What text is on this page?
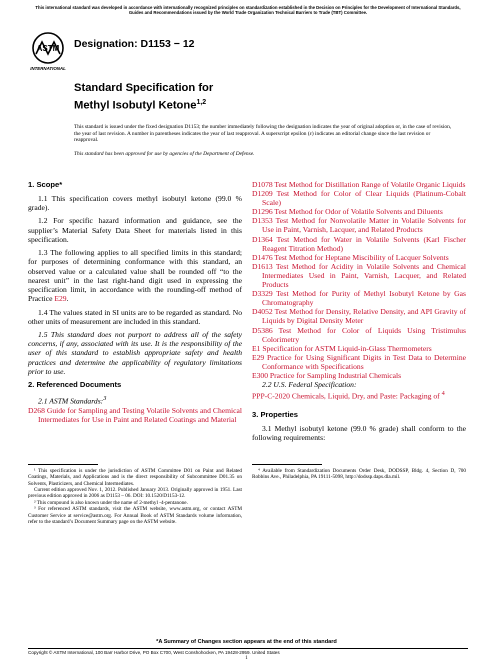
This international standard was developed in accordance with internationally recognized principles on standardization established in the Decision on Principles for the Development of International Standards, Guides and Recommendations issued by the World Trade Organization Technical Barriers to Trade (TBT) Committee.
ASTM
INTERNATIONAL
Designation: D1153 − 12
Standard Specification for
Methyl Isobutyl Ketone$^{1,2}$
This standard is issued under the fixed designation D1153; the number immediately following the designation indicates the year of original adoption or, in the case of revision, the year of last revision. A number in parentheses indicates the year of last reapproval. A superscript epsilon (ε) indicates an editorial change since the last revision or reapproval.
This standard has been approved for use by agencies of the Department of Defense.

1. Scope*

1.1 This specification covers methyl isobutyl ketone (99.0 % grade).

1.2 For specific hazard information and guidance, see the supplier’s Material Safety Data Sheet for materials listed in this specification.

1.3 The following applies to all specified limits in this standard; for purposes of determining conformance with this standard, an observed value or a calculated value shall be rounded off “to the nearest unit” in the last right-hand digit used in expressing the specification limit, in accordance with the rounding-off method of Practice E29.

1.4 The values stated in SI units are to be regarded as standard. No other units of measurement are included in this standard.

1.5 This standard does not purport to address all of the safety concerns, if any, associated with its use. It is the responsibility of the user of this standard to establish appropriate safety and health practices and determine the applicability of regulatory limitations prior to use.

2. Referenced Documents

2.1 ASTM Standards:$^3$

D268 Guide for Sampling and Testing Volatile Solvents and Chemical Intermediates for Use in Paint and Related Coatings and Material

¹ This specification is under the jurisdiction of ASTM Committee D01 on Paint and Related Coatings, Materials, and Applications and is the direct responsibility of Subcommittee D01.35 on Solvents, Plasticizers, and Chemical Intermediates.

Current edition approved Nov. 1, 2012. Published January 2013. Originally approved in 1951. Last previous edition approved in 2006 as D1153 – 06. DOI: 10.1520/D1153-12.

² This compound is also known under the name of 2-methyl -4-pentanone.

³ For referenced ASTM standards, visit the ASTM website, www.astm.org, or contact ASTM Customer Service at service@astm.org. For Annual Book of ASTM Standards volume information, refer to the standard’s Document Summary page on the ASTM website.

D1078 Test Method for Distillation Range of Volatile Organic Liquids

D1209 Test Method for Color of Clear Liquids (Platinum-Cobalt Scale)

D1296 Test Method for Odor of Volatile Solvents and Diluents

D1353 Test Method for Nonvolatile Matter in Volatile Solvents for Use in Paint, Varnish, Lacquer, and Related Products

D1364 Test Method for Water in Volatile Solvents (Karl Fischer Reagent Titration Method)

D1476 Test Method for Heptane Miscibility of Lacquer Solvents

D1613 Test Method for Acidity in Volatile Solvents and Chemical Intermediates Used in Paint, Varnish, Lacquer, and Related Products

D3329 Test Method for Purity of Methyl Isobutyl Ketone by Gas Chromatography

D4052 Test Method for Density, Relative Density, and API Gravity of Liquids by Digital Density Meter

D5386 Test Method for Color of Liquids Using Tristimulus Colorimetry

E1 Specification for ASTM Liquid-in-Glass Thermometers

E29 Practice for Using Significant Digits in Test Data to Determine Conformance with Specifications

E300 Practice for Sampling Industrial Chemicals

2.2 U.S. Federal Specification:

PPP-C-2020 Chemicals, Liquid, Dry, and Paste: Packaging of $^4$

3. Properties

3.1 Methyl isobutyl ketone (99.0 % grade) shall conform to the following requirements:

⁴ Available from Standardization Documents Order Desk, DODSSP, Bldg. 4, Section D, 700 Robbins Ave., Philadelphia, PA 19111-5098, http://dodssp.daps.dla.mil.

*A Summary of Changes section appears at the end of this standard
Copyright © ASTM International, 100 Barr Harbor Drive, PO Box C700, West Conshohocken, PA 19428-2959. United States
1
